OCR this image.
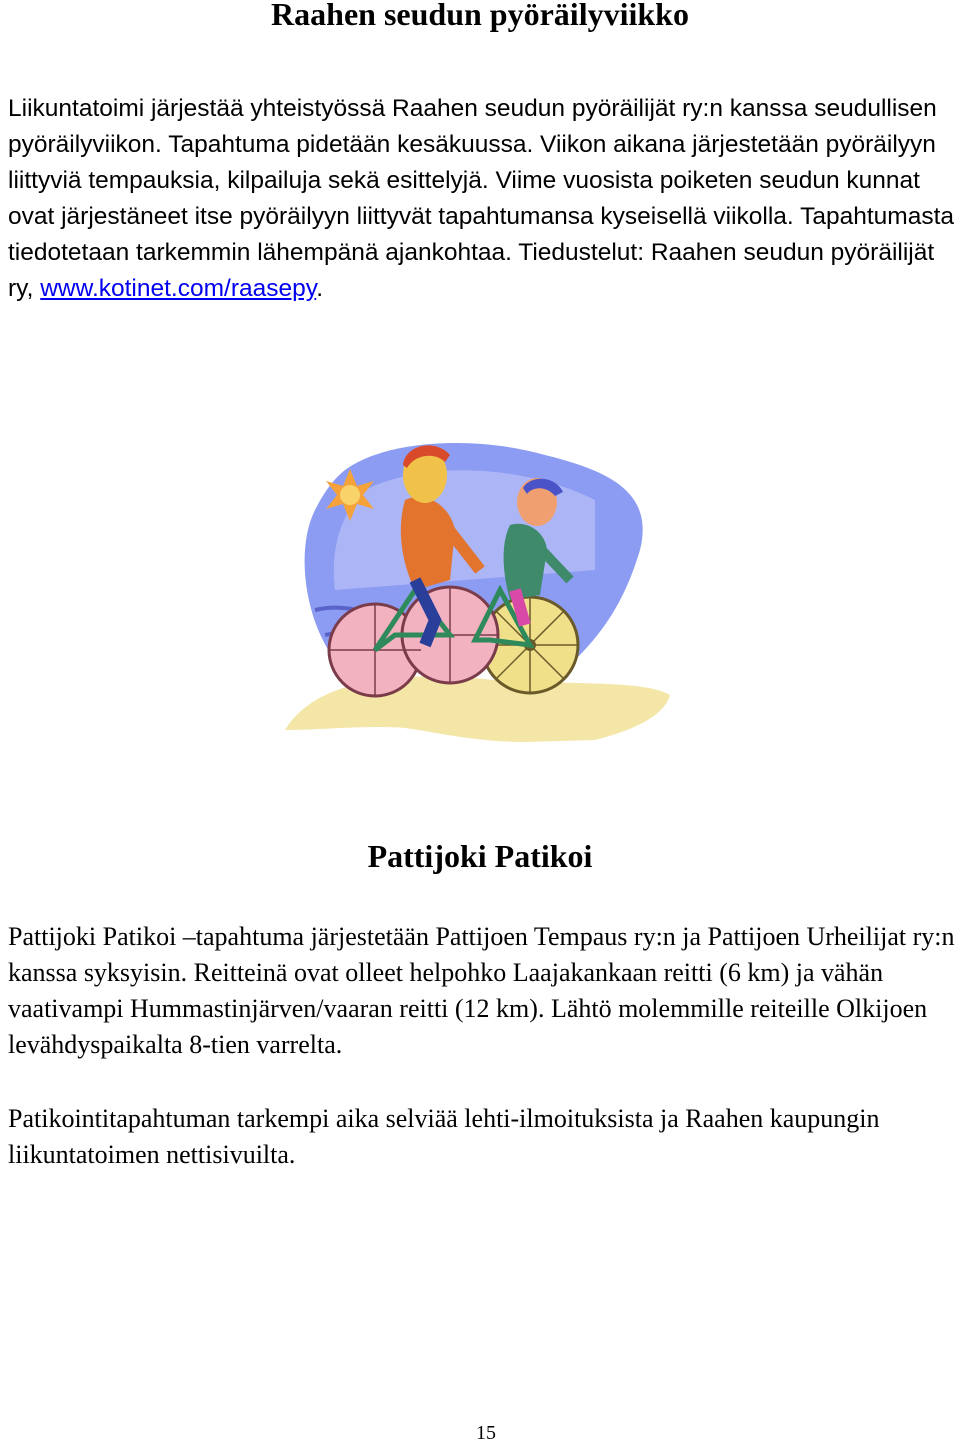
Raahen seudun pyöräilyviikko

Liikuntatoimi järjestää yhteistyössä Raahen seudun pyöräilijät ry:n kanssa seudullisen pyöräilyviikon. Tapahtuma pidetään kesäkuussa. Viikon aikana järjestetään pyöräilyyn liittyviä tempauksia, kilpailuja sekä esittelyjä. Viime vuosista poiketen seudun kunnat ovat järjestäneet itse pyöräilyyn liittyvät tapahtumansa kyseisellä viikolla. Tapahtumasta tiedotetaan tarkemmin lähempänä ajankohtaa. Tiedustelut: Raahen seudun pyöräilijät ry, www.kotinet.com/raasepy.

Pattijoki Patikoi

Pattijoki Patikoi –tapahtuma järjestetään Pattijoen Tempaus ry:n ja Pattijoen Urheilijat ry:n kanssa syksyisin. Reitteinä ovat olleet helpohko Laajakankaan reitti (6 km) ja vähän vaativampi Hummastinjärven/vaaran reitti (12 km). Lähtö molemmille reiteille Olkijoen levähdyspaikalta 8-tien varrelta.

Patikointitapahtuman tarkempi aika selviää lehti-ilmoituksista ja Raahen kaupungin liikuntatoimen nettisivuilta.

15
